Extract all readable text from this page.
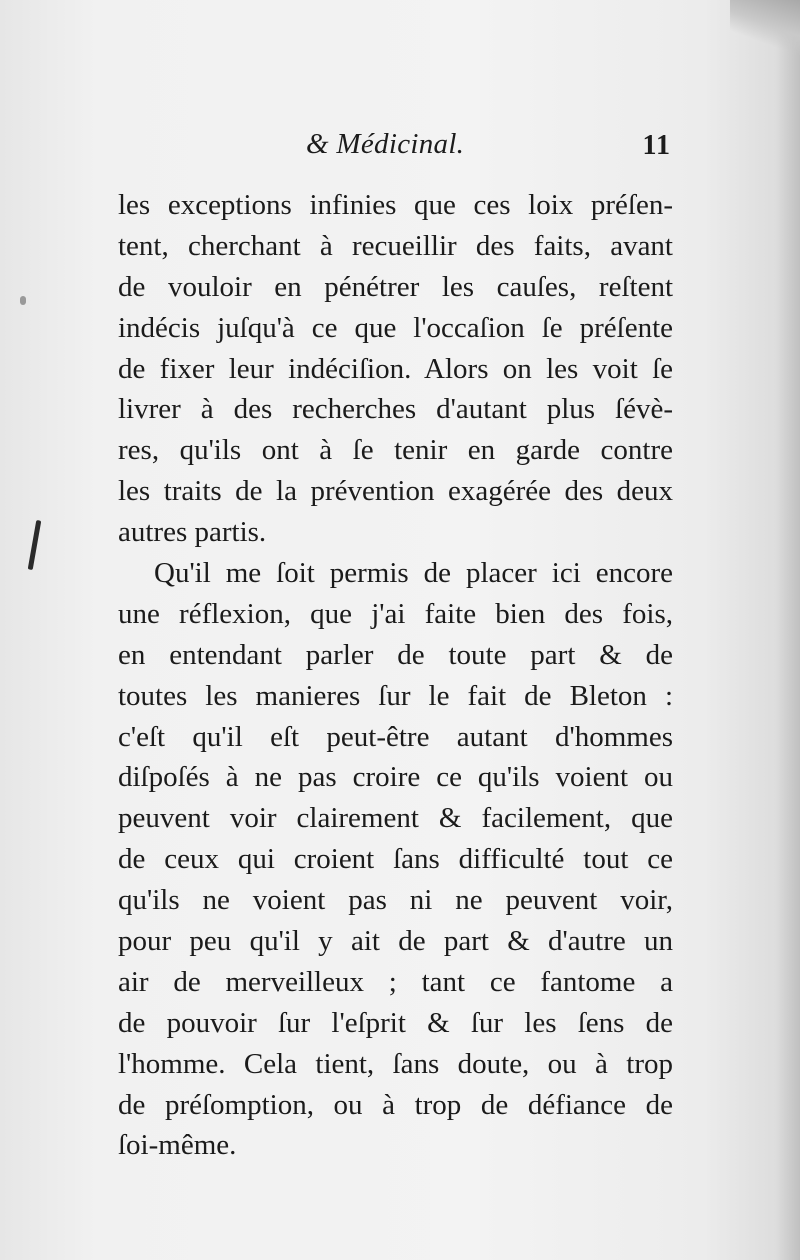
& Médicinal.	11
les exceptions infinies que ces loix préſen-
tent, cherchant à recueillir des faits, avant
de vouloir en pénétrer les cauſes, reſtent
indécis juſqu'à ce que l'occaſion ſe préſente
de fixer leur indéciſion. Alors on les voit ſe
livrer à des recherches d'autant plus ſévè-
res, qu'ils ont à ſe tenir en garde contre
les traits de la prévention exagérée des deux
autres partis.
Qu'il me ſoit permis de placer ici encore
une réflexion, que j'ai faite bien des fois,
en entendant parler de toute part & de
toutes les manieres ſur le fait de Bleton :
c'eſt qu'il eſt peut-être autant d'hommes
diſpoſés à ne pas croire ce qu'ils voient ou
peuvent voir clairement & facilement, que
de ceux qui croient ſans difficulté tout ce
qu'ils ne voient pas ni ne peuvent voir,
pour peu qu'il y ait de part & d'autre un
air de merveilleux ; tant ce fantome a
de pouvoir ſur l'eſprit & ſur les ſens de
l'homme. Cela tient, ſans doute, ou à trop
de préſomption, ou à trop de défiance de
ſoi-même.
